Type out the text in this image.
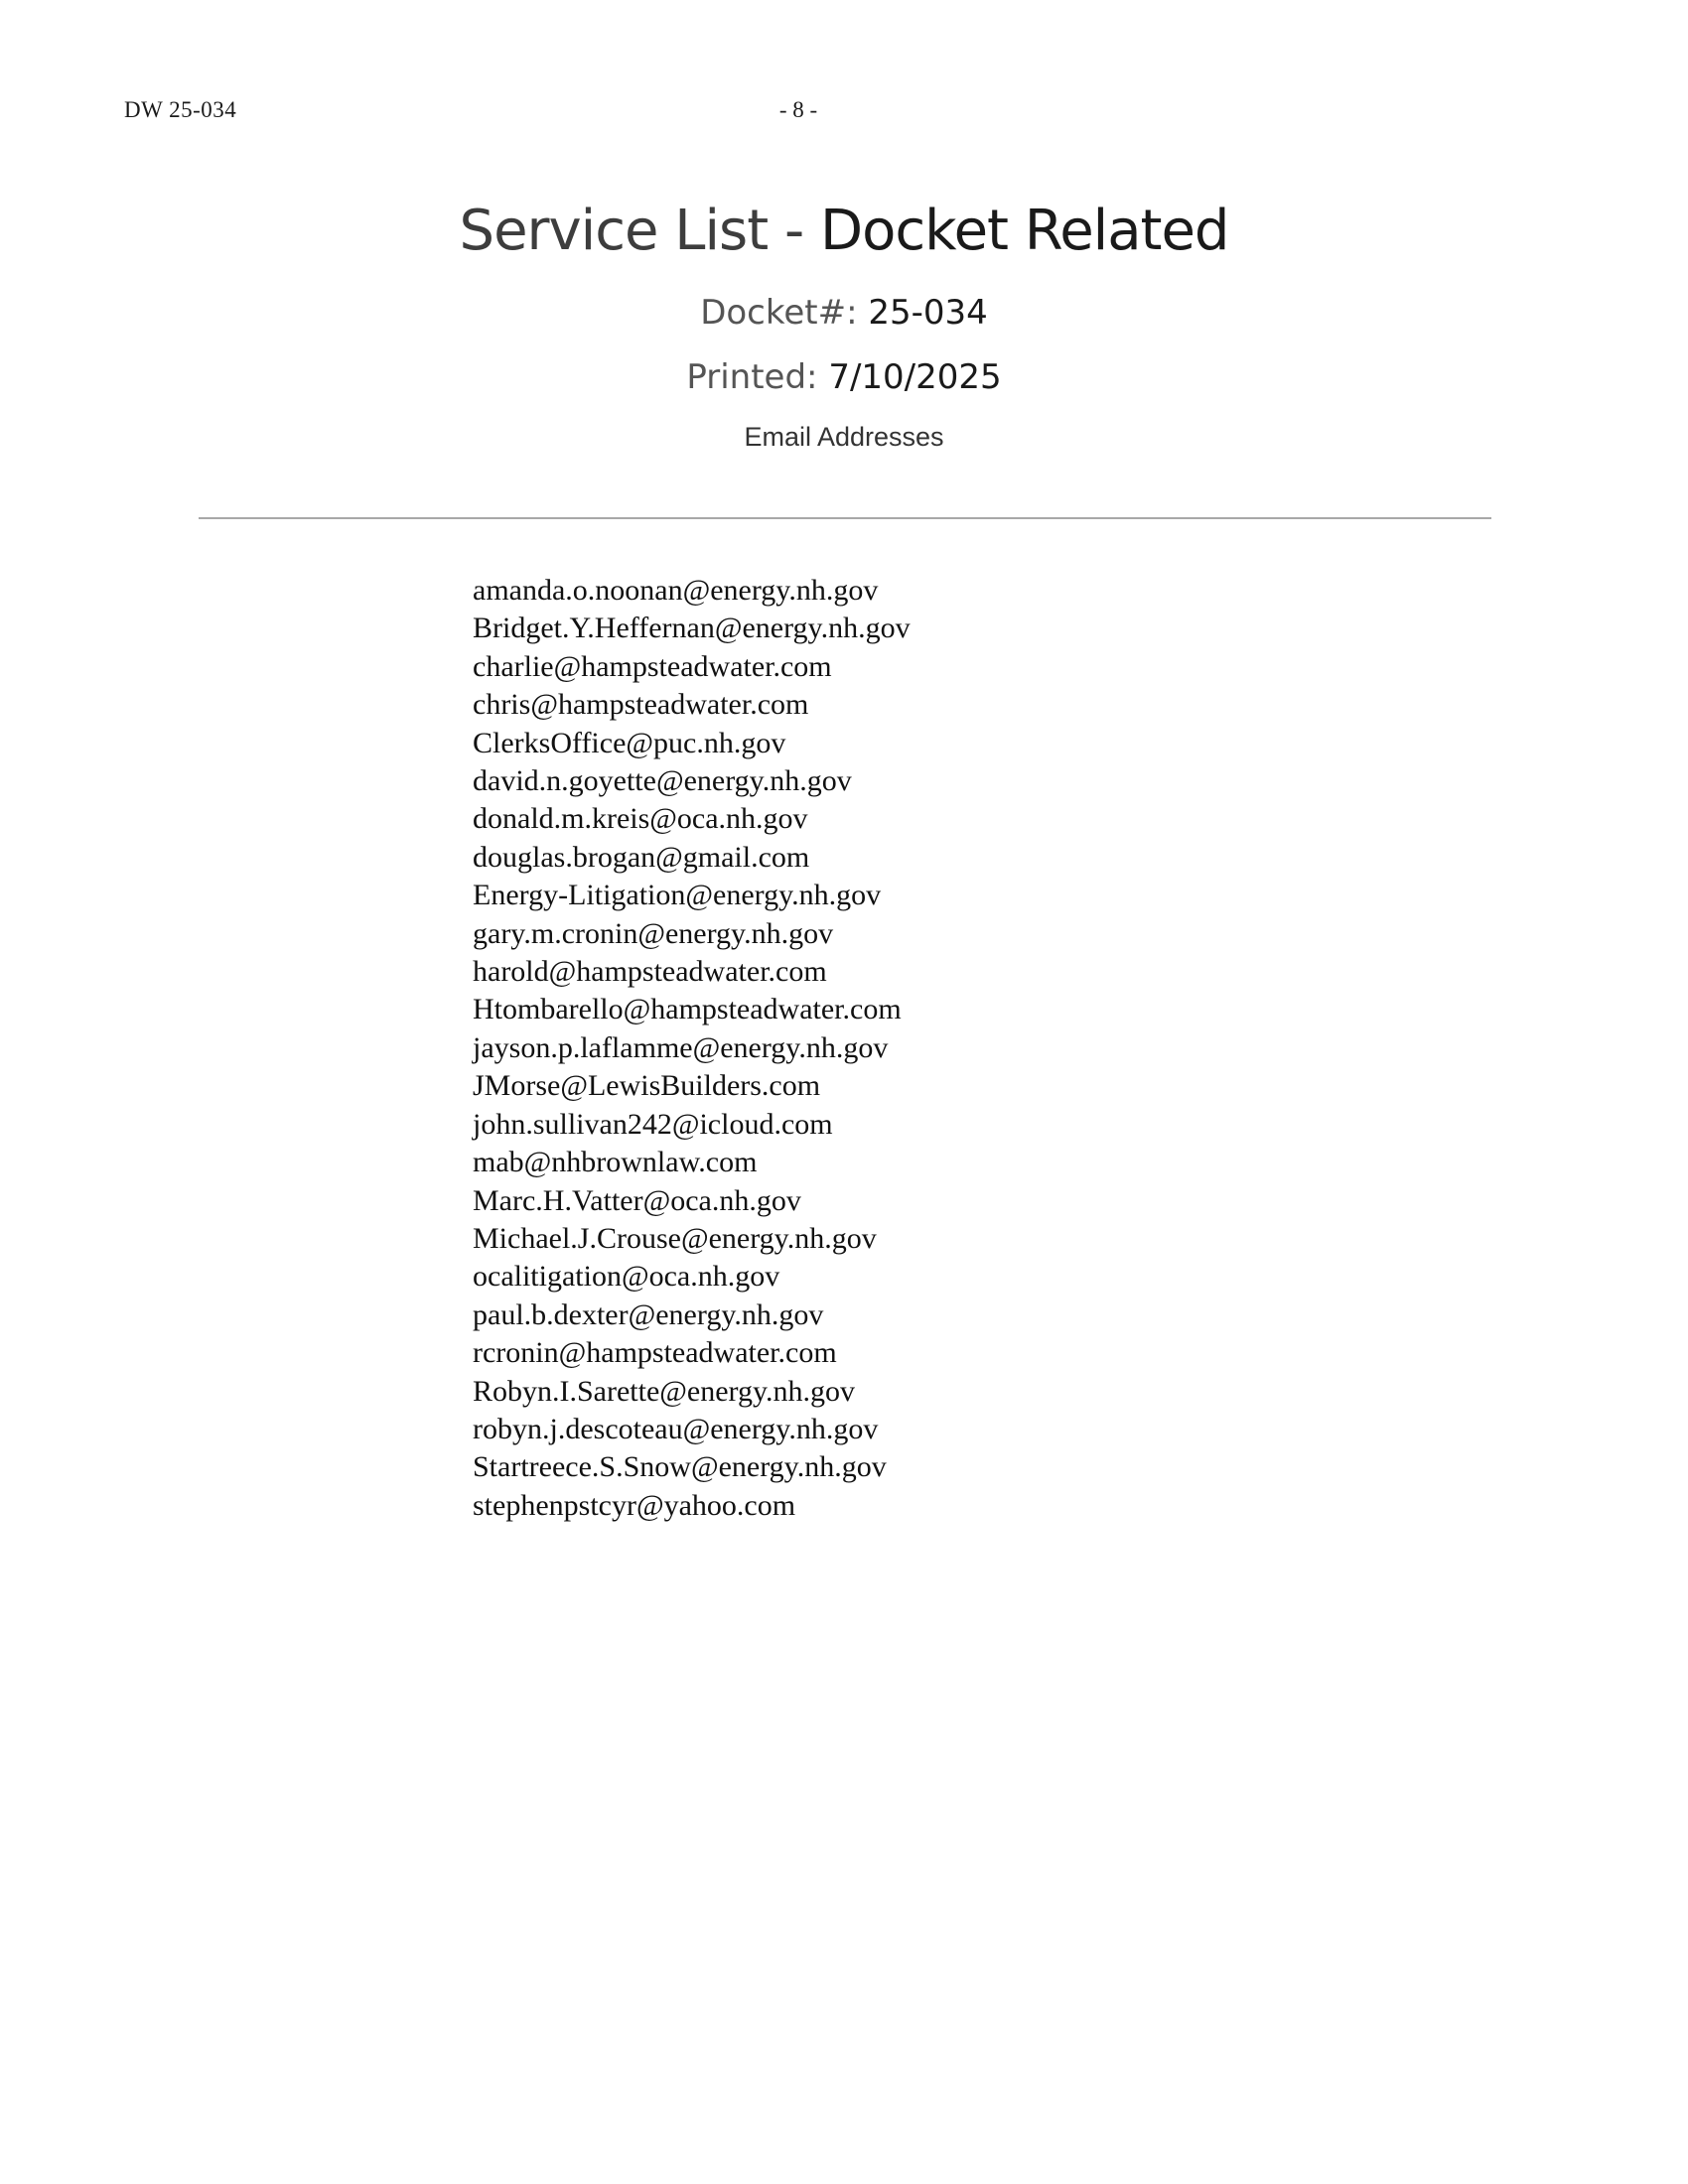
DW 25-034	- 8 -
Service List - Docket Related
Docket#: 25-034
Printed: 7/10/2025
Email Addresses
amanda.o.noonan@energy.nh.gov
Bridget.Y.Heffernan@energy.nh.gov
charlie@hampsteadwater.com
chris@hampsteadwater.com
ClerksOffice@puc.nh.gov
david.n.goyette@energy.nh.gov
donald.m.kreis@oca.nh.gov
douglas.brogan@gmail.com
Energy-Litigation@energy.nh.gov
gary.m.cronin@energy.nh.gov
harold@hampsteadwater.com
Htombarello@hampsteadwater.com
jayson.p.laflamme@energy.nh.gov
JMorse@LewisBuilders.com
john.sullivan242@icloud.com
mab@nhbrownlaw.com
Marc.H.Vatter@oca.nh.gov
Michael.J.Crouse@energy.nh.gov
ocalitigation@oca.nh.gov
paul.b.dexter@energy.nh.gov
rcronin@hampsteadwater.com
Robyn.I.Sarette@energy.nh.gov
robyn.j.descoteau@energy.nh.gov
Startreece.S.Snow@energy.nh.gov
stephenpstcyr@yahoo.com
